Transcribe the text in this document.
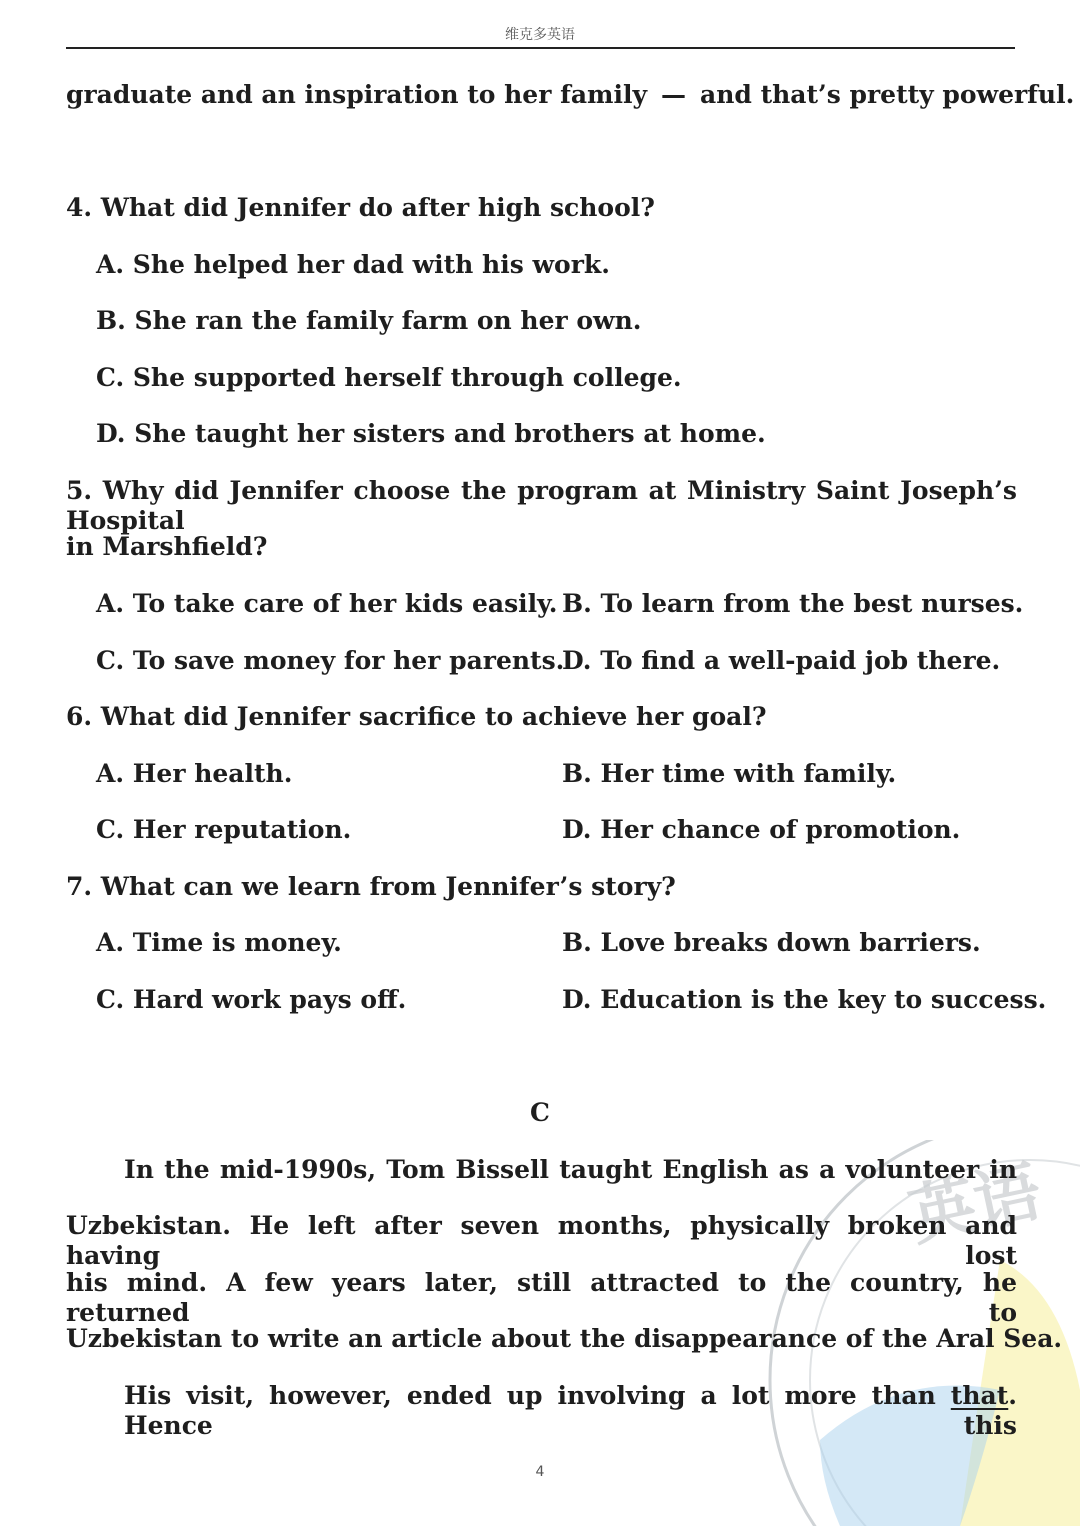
维克多英语
graduate and an inspiration to her family — and that’s pretty powerful.
4. What did Jennifer do after high school?
A. She helped her dad with his work.
B. She ran the family farm on her own.
C. She supported herself through college.
D. She taught her sisters and brothers at home.
5. Why did Jennifer choose the program at Ministry Saint Joseph’s Hospital
in Marshfield?
A. To take care of her kids easily. B. To learn from the best nurses.
C. To save money for her parents.
D. To find a well-paid job there.
6. What did Jennifer sacrifice to achieve her goal?
A. Her health.	B. Her time with family.
C. Her reputation.	D. Her chance of promotion.
7. What can we learn from Jennifer’s story?
A. Time is money.	B. Love breaks down barriers.
C. Hard work pays off.	D. Education is the key to success.
英语
C
In the mid-1990s, Tom Bissell taught English as a volunteer in
Uzbekistan. He left after seven months, physically broken and having lost
his mind. A few years later, still attracted to the country, he returned to
Uzbekistan to write an article about the disappearance of the Aral Sea.
His visit, however, ended up involving a lot more than that. Hence this
4
